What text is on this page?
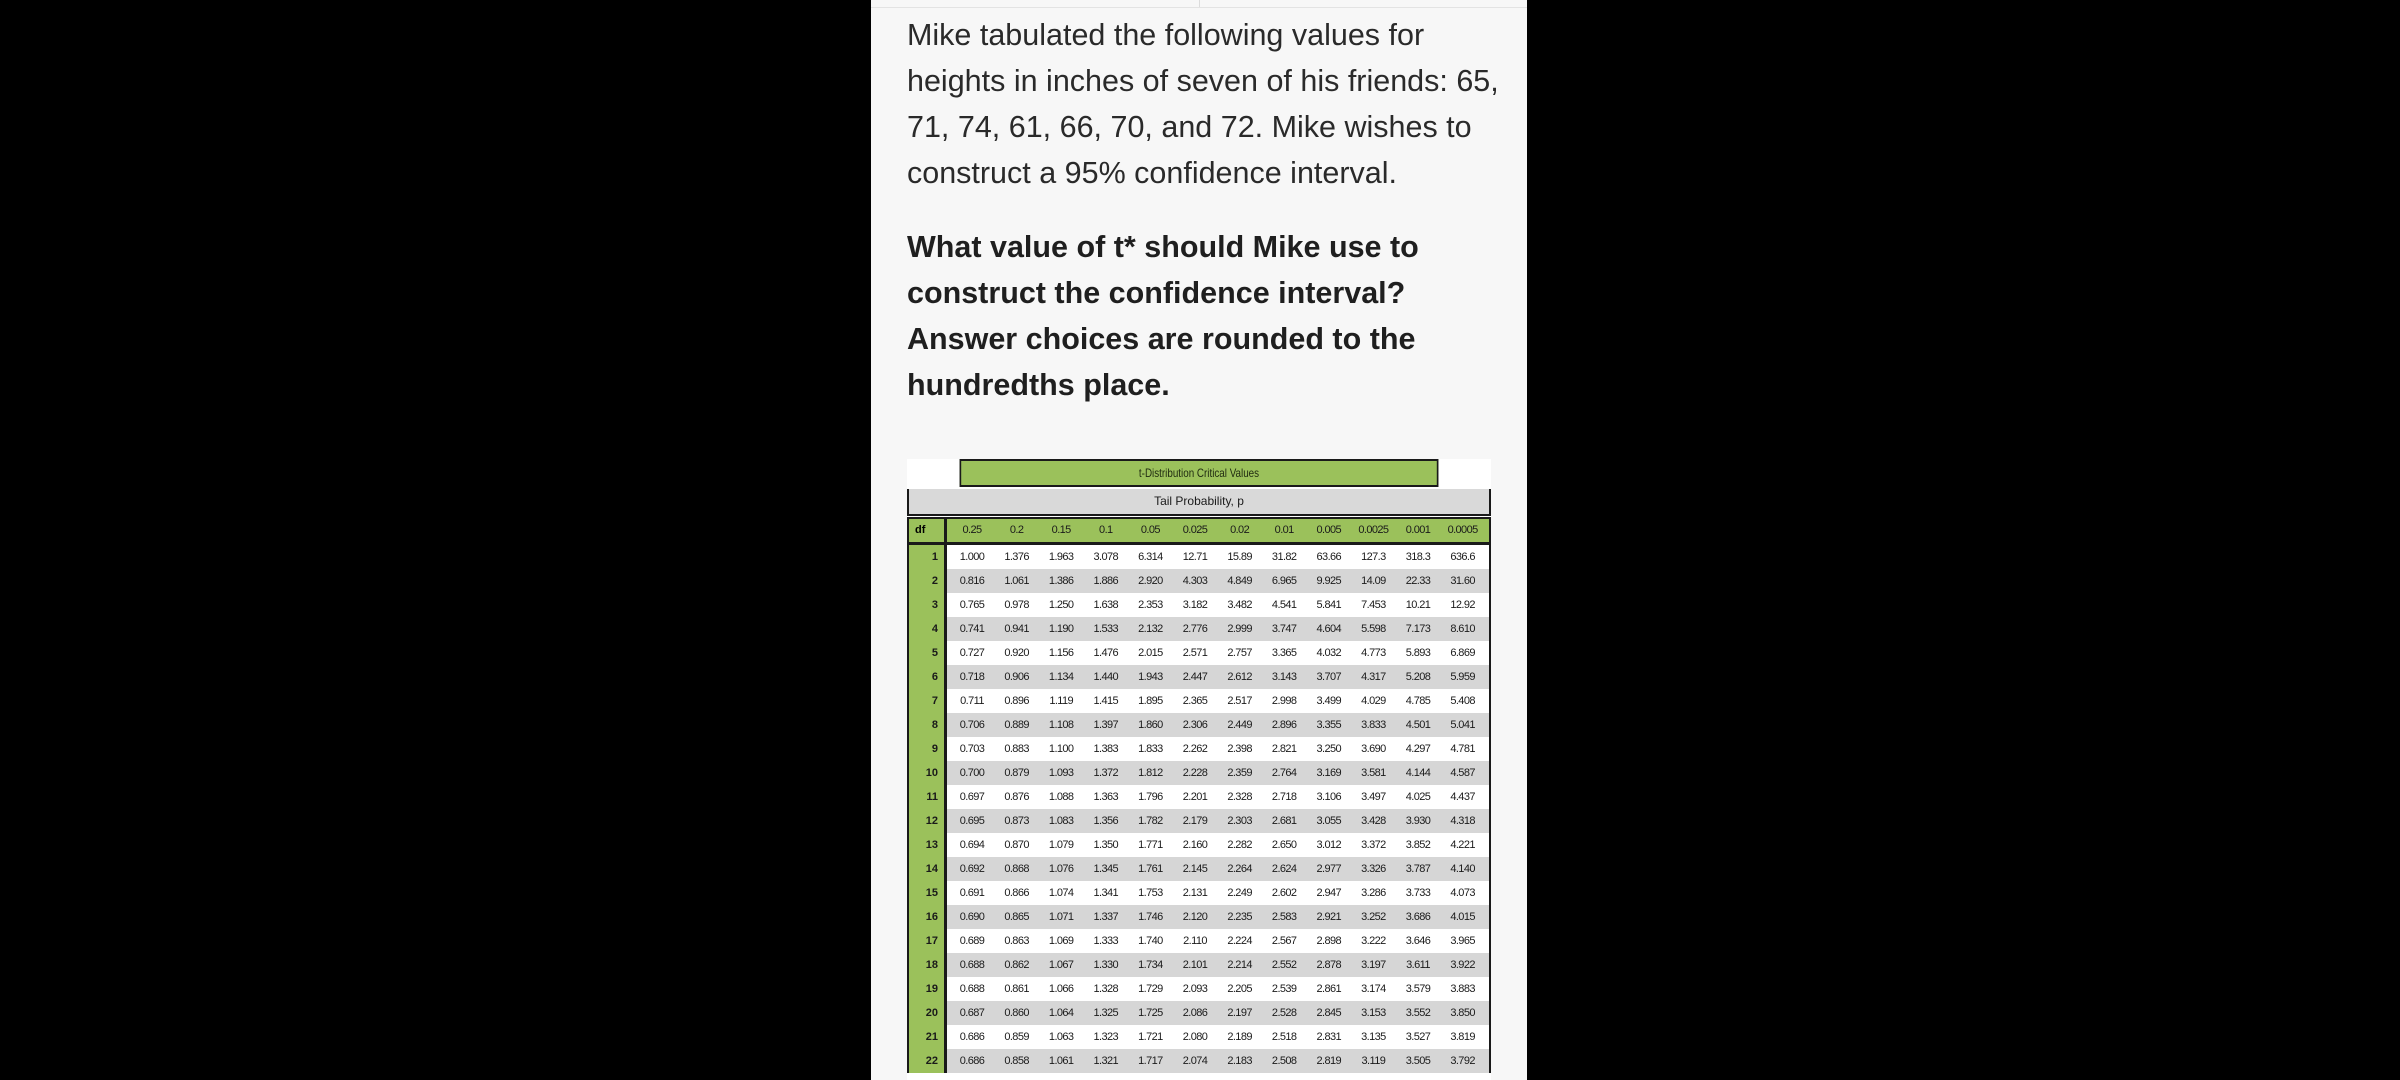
Mike tabulated the following values for heights in inches of seven of his friends: 65, 71, 74, 61, 66, 70, and 72. Mike wishes to construct a 95% confidence interval.

What value of t* should Mike use to construct the confidence interval? Answer choices are rounded to the hundredths place.

t-Distribution Critical Values
Tail Probability, p
df	0.25	0.2	0.15	0.1	0.05	0.025	0.02	0.01	0.005	0.0025	0.001	0.0005
1	1.000	1.376	1.963	3.078	6.314	12.71	15.89	31.82	63.66	127.3	318.3	636.6
2	0.816	1.061	1.386	1.886	2.920	4.303	4.849	6.965	9.925	14.09	22.33	31.60
3	0.765	0.978	1.250	1.638	2.353	3.182	3.482	4.541	5.841	7.453	10.21	12.92
4	0.741	0.941	1.190	1.533	2.132	2.776	2.999	3.747	4.604	5.598	7.173	8.610
5	0.727	0.920	1.156	1.476	2.015	2.571	2.757	3.365	4.032	4.773	5.893	6.869
6	0.718	0.906	1.134	1.440	1.943	2.447	2.612	3.143	3.707	4.317	5.208	5.959
7	0.711	0.896	1.119	1.415	1.895	2.365	2.517	2.998	3.499	4.029	4.785	5.408
8	0.706	0.889	1.108	1.397	1.860	2.306	2.449	2.896	3.355	3.833	4.501	5.041
9	0.703	0.883	1.100	1.383	1.833	2.262	2.398	2.821	3.250	3.690	4.297	4.781
10	0.700	0.879	1.093	1.372	1.812	2.228	2.359	2.764	3.169	3.581	4.144	4.587
11	0.697	0.876	1.088	1.363	1.796	2.201	2.328	2.718	3.106	3.497	4.025	4.437
12	0.695	0.873	1.083	1.356	1.782	2.179	2.303	2.681	3.055	3.428	3.930	4.318
13	0.694	0.870	1.079	1.350	1.771	2.160	2.282	2.650	3.012	3.372	3.852	4.221
14	0.692	0.868	1.076	1.345	1.761	2.145	2.264	2.624	2.977	3.326	3.787	4.140
15	0.691	0.866	1.074	1.341	1.753	2.131	2.249	2.602	2.947	3.286	3.733	4.073
16	0.690	0.865	1.071	1.337	1.746	2.120	2.235	2.583	2.921	3.252	3.686	4.015
17	0.689	0.863	1.069	1.333	1.740	2.110	2.224	2.567	2.898	3.222	3.646	3.965
18	0.688	0.862	1.067	1.330	1.734	2.101	2.214	2.552	2.878	3.197	3.611	3.922
19	0.688	0.861	1.066	1.328	1.729	2.093	2.205	2.539	2.861	3.174	3.579	3.883
20	0.687	0.860	1.064	1.325	1.725	2.086	2.197	2.528	2.845	3.153	3.552	3.850
21	0.686	0.859	1.063	1.323	1.721	2.080	2.189	2.518	2.831	3.135	3.527	3.819
22	0.686	0.858	1.061	1.321	1.717	2.074	2.183	2.508	2.819	3.119	3.505	3.792
